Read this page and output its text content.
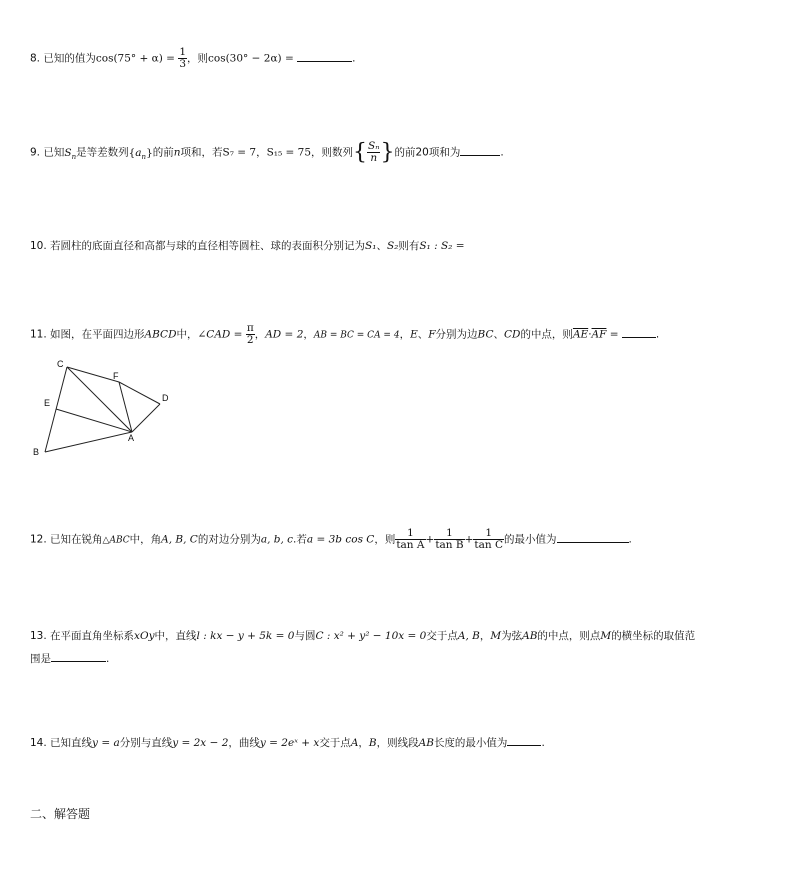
8. 已知的值为$\cos(75^\circ + \alpha) = \frac{1}{3}$ ，则cos(30° − 2α) =	.
9. 已知$S_n$是等差数列$\{a_n\}$的前n项和，若S₇ = 7，S₁₅ = 75，则数列{ $\frac{\text{Sₙ}}{n}$ }的前20项和为	.
10. 若圆柱的底面直径和高都与球的直径相等圆柱、球的表面积分别记为S₁、S₂则有S₁ : S₂ =
11. 如图，在平面四边形ABCD中，∠CAD = $\frac{\pi}{2}$ ，AD = 2，AB = BC = CA = 4，E、F分别为边BC、CD的中点，则$\overline{AE}\cdot\overline{AF}$ =	.
C
F
D
E
A
B
12. 已知在锐角△ABC中，角A, B, C的对边分别为a, b, c.若a = 3b cos C，则 $\frac{1}{\text{tan A}} + \frac{1}{\text{tan B}} + \frac{1}{\text{tan C}}$ 的最小值为	.
13. 在平面直角坐标系xOy中，直线l : kx − y + 5k = 0与圆C : x² + y² − 10x = 0交于点A, B，M为弦AB的中点，则点M的横坐标的取值范
围是	.
14. 已知直线y = a分别与直线y = 2x − 2，曲线y = 2eˣ + x交于点A，B，则线段AB长度的最小值为	.
二、解答题
